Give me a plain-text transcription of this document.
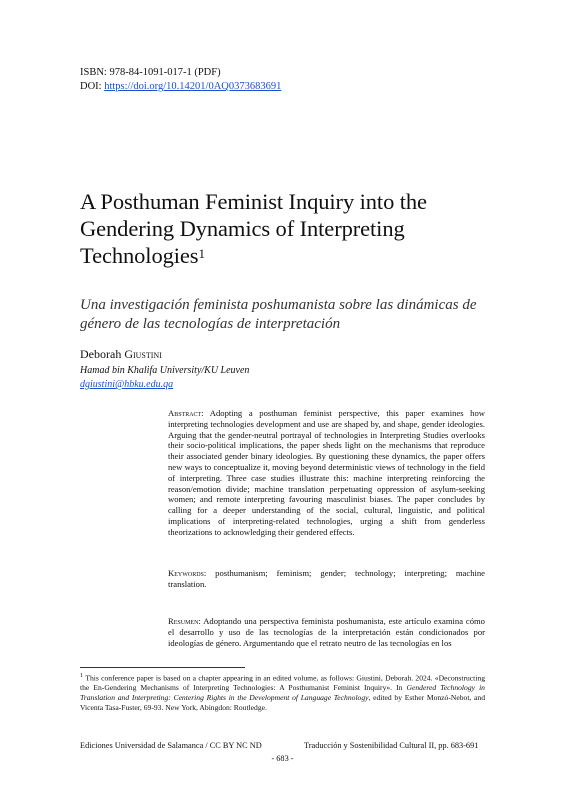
ISBN: 978-84-1091-017-1 (PDF)
DOI: https://doi.org/10.14201/0AQ0373683691
A Posthuman Feminist Inquiry into the Gendering Dynamics of Interpreting Technologies$^1$
Una investigación feminista poshumanista sobre las dinámicas de género de las tecnologías de interpretación
Deborah Giustini
Hamad bin Khalifa University/KU Leuven
dgiustini@hbku.edu.qa
Abstract: Adopting a posthuman feminist perspective, this paper examines how interpreting technologies development and use are shaped by, and shape, gender ideologies. Arguing that the gender-neutral portrayal of technologies in Interpreting Studies overlooks their socio-political implications, the paper sheds light on the mechanisms that reproduce their associated gender binary ideologies. By questioning these dynamics, the paper offers new ways to conceptualize it, moving beyond deterministic views of technology in the field of interpreting. Three case studies illustrate this: machine interpreting reinforcing the reason/emotion divide; machine translation perpetuating oppression of asylum-seeking women; and remote interpreting favouring masculinist biases. The paper concludes by calling for a deeper understanding of the social, cultural, linguistic, and political implications of interpreting-related technologies, urging a shift from genderless theorizations to acknowledging their gendered effects.
Keywords: posthumanism; feminism; gender; technology; interpreting; machine translation.
Resumen: Adoptando una perspectiva feminista poshumanista, este artículo examina cómo el desarrollo y uso de las tecnologías de la interpretación están condicionados por ideologías de género. Argumentando que el retrato neutro de las tecnologías en los
$^1$ This conference paper is based on a chapter appearing in an edited volume, as follows: Giustini, Deborah. 2024. «Deconstructing the En-Gendering Mechanisms of Interpreting Technologies: A Posthumanist Feminist Inquiry». In Gendered Technology in Translation and Interpreting: Centering Rights in the Development of Language Technology, edited by Esther Monzó-Nebot, and Vicenta Tasa-Fuster, 69-93. New York, Abingdon: Routledge.
Ediciones Universidad de Salamanca / CC BY NC ND	Traducción y Sostenibilidad Cultural II, pp. 683-691
- 683 -
